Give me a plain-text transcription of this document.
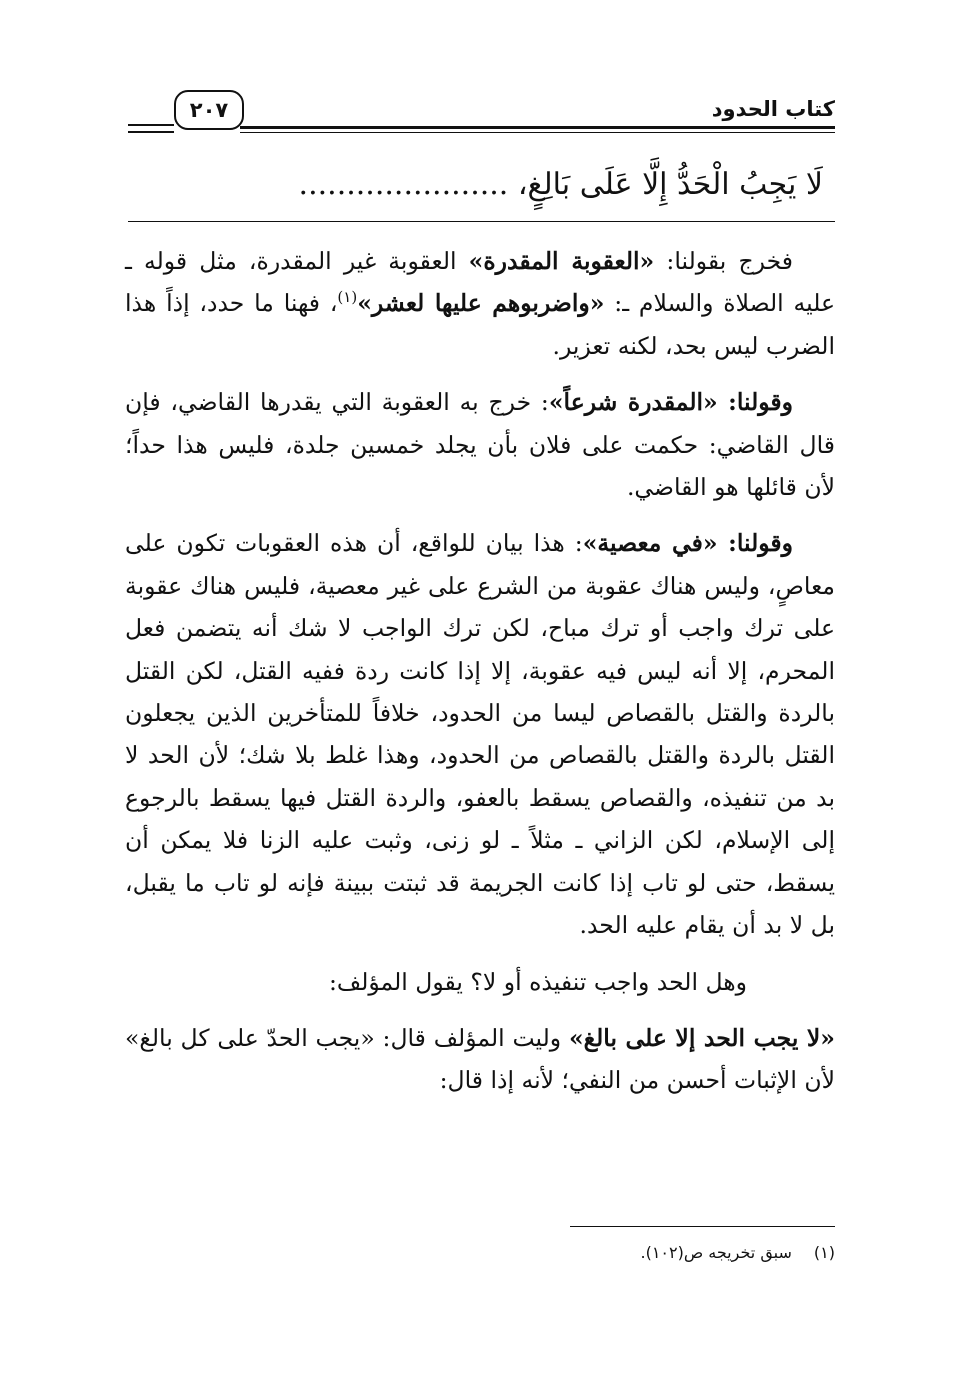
كتاب الحدود
٢٠٧
لَا يَجِبُ الْحَدُّ إِلَّا عَلَى بَالِغٍ، ......................

فخرج بقولنا: «العقوبة المقدرة» العقوبة غير المقدرة، مثل قوله ـ عليه الصلاة والسلام ـ: «واضربوهم عليها لعشر»$^{(١)}$، فهنا ما حدد، إذاً هذا الضرب ليس بحد، لكنه تعزير.

وقولنا: «المقدرة شرعاً»: خرج به العقوبة التي يقدرها القاضي، فإن قال القاضي: حكمت على فلان بأن يجلد خمسين جلدة، فليس هذا حداً؛ لأن قائلها هو القاضي.

وقولنا: «في معصية»: هذا بيان للواقع، أن هذه العقوبات تكون على معاصٍ، وليس هناك عقوبة من الشرع على غير معصية، فليس هناك عقوبة على ترك واجب أو ترك مباح، لكن ترك الواجب لا شك أنه يتضمن فعل المحرم، إلا أنه ليس فيه عقوبة، إلا إذا كانت ردة ففيه القتل، لكن القتل بالردة والقتل بالقصاص ليسا من الحدود، خلافاً للمتأخرين الذين يجعلون القتل بالردة والقتل بالقصاص من الحدود، وهذا غلط بلا شك؛ لأن الحد لا بد من تنفيذه، والقصاص يسقط بالعفو، والردة القتل فيها يسقط بالرجوع إلى الإسلام، لكن الزاني ـ مثلاً ـ لو زنى، وثبت عليه الزنا فلا يمكن أن يسقط، حتى لو تاب إذا كانت الجريمة قد ثبتت ببينة فإنه لو تاب ما يقبل، بل لا بد أن يقام عليه الحد.

وهل الحد واجب تنفيذه أو لا؟ يقول المؤلف:

«لا يجب الحد إلا على بالغ» وليت المؤلف قال: «يجب الحدّ على كل بالغ» لأن الإثبات أحسن من النفي؛ لأنه إذا قال:

(١)سبق تخريجه ص(١٠٢).
